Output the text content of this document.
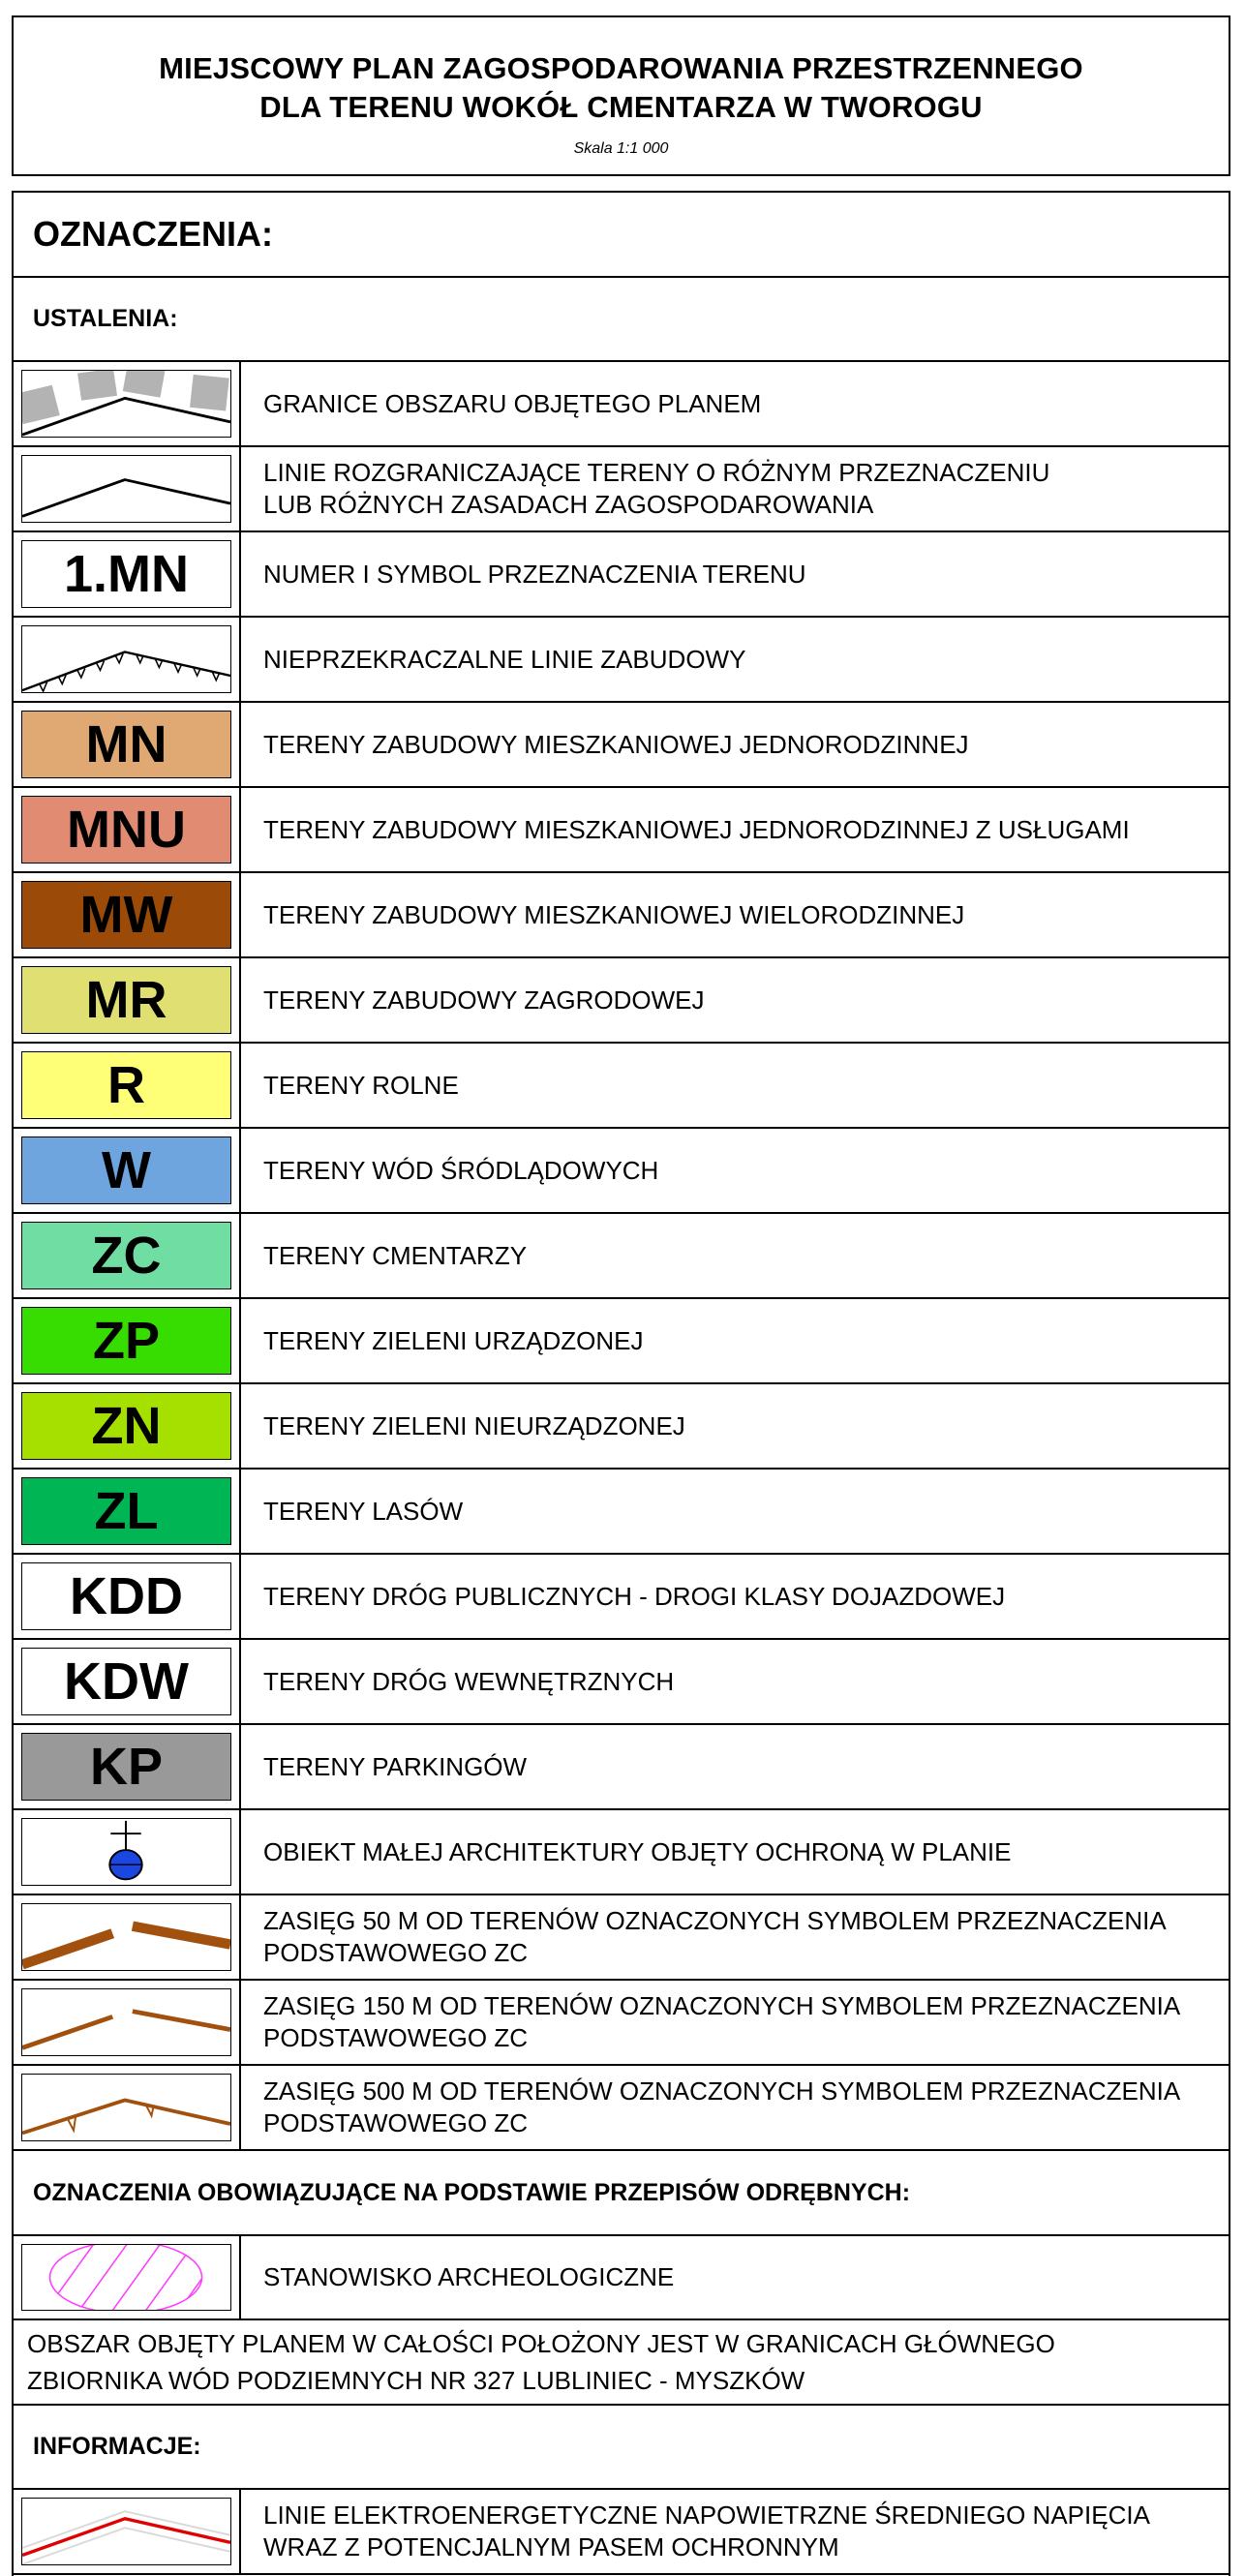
MIEJSCOWY PLAN ZAGOSPODAROWANIA PRZESTRZENNEGO
DLA TERENU WOKÓŁ CMENTARZA W TWOROGU
Skala 1:1 000
OZNACZENIA:
USTALENIA:
GRANICE OBSZARU OBJĘTEGO PLANEM
LINIE ROZGRANICZAJĄCE TERENY O RÓŻNYM PRZEZNACZENIU
LUB RÓŻNYCH ZASADACH ZAGOSPODAROWANIA
1.MN	NUMER I SYMBOL PRZEZNACZENIA TERENU
NIEPRZEKRACZALNE LINIE ZABUDOWY
MN	TERENY ZABUDOWY MIESZKANIOWEJ JEDNORODZINNEJ
MNU	TERENY ZABUDOWY MIESZKANIOWEJ JEDNORODZINNEJ Z USŁUGAMI
MW	TERENY ZABUDOWY MIESZKANIOWEJ WIELORODZINNEJ
MR	TERENY ZABUDOWY ZAGRODOWEJ
R	TERENY ROLNE
W	TERENY WÓD ŚRÓDLĄDOWYCH
ZC	TERENY CMENTARZY
ZP	TERENY ZIELENI URZĄDZONEJ
ZN	TERENY ZIELENI NIEURZĄDZONEJ
ZL	TERENY LASÓW
KDD	TERENY DRÓG PUBLICZNYCH - DROGI KLASY DOJAZDOWEJ
KDW	TERENY DRÓG WEWNĘTRZNYCH
KP	TERENY PARKINGÓW
OBIEKT MAŁEJ ARCHITEKTURY OBJĘTY OCHRONĄ W PLANIE
ZASIĘG 50 M OD TERENÓW OZNACZONYCH SYMBOLEM PRZEZNACZENIA
PODSTAWOWEGO ZC
ZASIĘG 150 M OD TERENÓW OZNACZONYCH SYMBOLEM PRZEZNACZENIA
PODSTAWOWEGO ZC
ZASIĘG 500 M OD TERENÓW OZNACZONYCH SYMBOLEM PRZEZNACZENIA
PODSTAWOWEGO ZC
OZNACZENIA OBOWIĄZUJĄCE NA PODSTAWIE PRZEPISÓW ODRĘBNYCH:
STANOWISKO ARCHEOLOGICZNE
OBSZAR OBJĘTY PLANEM W CAŁOŚCI POŁOŻONY JEST W GRANICACH GŁÓWNEGO
ZBIORNIKA WÓD PODZIEMNYCH NR 327 LUBLINIEC - MYSZKÓW
INFORMACJE:
LINIE ELEKTROENERGETYCZNE NAPOWIETRZNE ŚREDNIEGO NAPIĘCIA
WRAZ Z POTENCJALNYM PASEM OCHRONNYM
